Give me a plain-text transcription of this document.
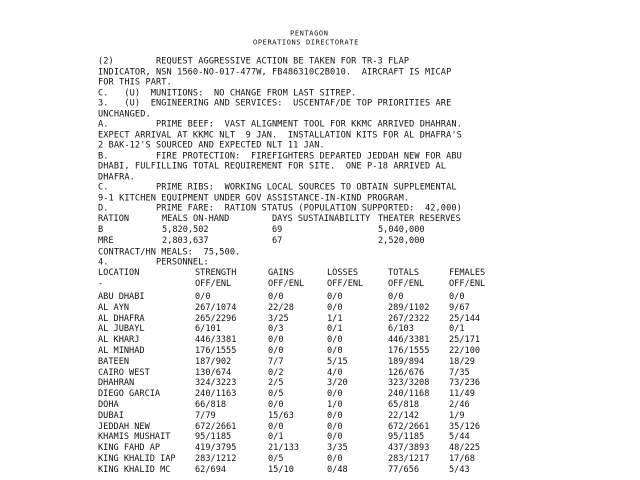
PENTAGON
OPERATIONS DIRECTORATE
(2)        REQUEST AGGRESSIVE ACTION BE TAKEN FOR TR-3 FLAP
INDICATOR, NSN 1560-NO-017-477W, FB486310C2B010.  AIRCRAFT IS MICAP
FOR THIS PART.
C.   (U)  MUNITIONS:  NO CHANGE FROM LAST SITREP.
3.   (U)  ENGINEERING AND SERVICES:  USCENTAF/DE TOP PRIORITIES ARE
UNCHANGED.
A.         PRIME BEEF:  VAST ALIGNMENT TOOL FOR KKMC ARRIVED DHAHRAN.
EXPECT ARRIVAL AT KKMC NLT  9 JAN.  INSTALLATION KITS FOR AL DHAFRA'S
2 BAK-12'S SOURCED AND EXPECTED NLT 11 JAN.
B.         FIRE PROTECTION:  FIREFIGHTERS DEPARTED JEDDAH NEW FOR ABU
DHABI, FULFILLING TOTAL REQUIREMENT FOR SITE.  ONE P-18 ARRIVED AL
DHAFRA.
C.         PRIME RIBS:  WORKING LOCAL SOURCES TO OBTAIN SUPPLEMENTAL
9-1 KITCHEN EQUIPMENT UNDER GOV ASSISTANCE-IN-KIND PROGRAM.
D.         PRIME FARE:  RATION STATUS (POPULATION SUPPORTED:  42,000)
RATION	MEALS ON-HAND	DAYS SUSTAINABILITY THEATER RESERVES
B	5,820,502	69	5,040,000
MRE	2,803,637	67	2,520,000
CONTRACT/HN MEALS:  75,500.
4.         PERSONNEL:
LOCATION	STRENGTH	GAINS	LOSSES	TOTALS	FEMALES
-	OFF/ENL	OFF/ENL	OFF/ENL	OFF/ENL	OFF/ENL
ABU DHABI	0/0	0/0	0/0	0/0	0/0
AL AYN	267/1074	22/28	0/0	289/1102 9/67
AL DHAFRA	265/2296	3/25	1/1	267/2322 25/144
AL JUBAYL	6/101	0/3	0/1	6/103	0/1
AL KHARJ	446/3381	0/0	0/0	446/3381 25/171
AL MINHAD	176/1555	0/0	0/0	176/1555 22/100
BATEEN	187/902	7/7	5/15	189/894	18/29
CAIRO WEST	130/674	0/2	4/0	126/676	7/35
DHAHRAN	324/3223	2/5	3/20	323/3208 73/236
DIEGO GARCIA	240/1163	0/5	0/0	240/1168 11/49
DOHA	66/818	0/0	1/0	65/818	2/46
DUBAI	7/79	15/63	0/0	22/142	1/9
JEDDAH NEW	672/2661	0/0	0/0	672/2661 35/126
KHAMIS MUSHAIT	95/1185	0/1	0/0	95/1185	5/44
KING FAHD AP	419/3795	21/133	3/35	437/3893 48/225
KING KHALID IAP 283/1212	0/5	0/0	283/1217 17/68
KING KHALID MC	62/694	15/10	0/48	77/656	5/43
